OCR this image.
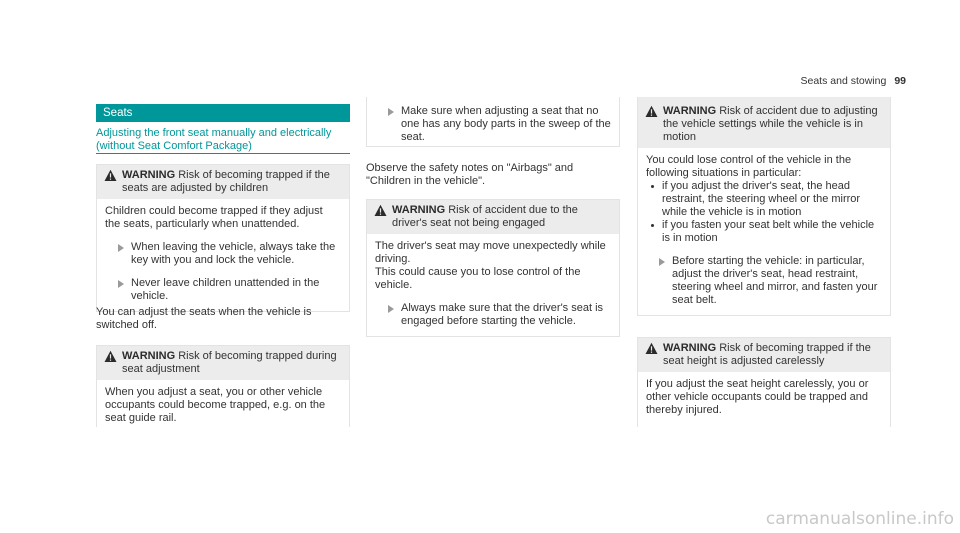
Seats and stowing 99
Seats
Adjusting the front seat manually and electrically (without Seat Comfort Package)
WARNING Risk of becoming trapped if the seats are adjusted by children
Children could become trapped if they adjust the seats, particularly when unattended.
When leaving the vehicle, always take the key with you and lock the vehicle.
Never leave children unattended in the vehicle.
You can adjust the seats when the vehicle is switched off.
WARNING Risk of becoming trapped during seat adjustment
When you adjust a seat, you or other vehicle occupants could become trapped, e.g. on the seat guide rail.
Make sure when adjusting a seat that no one has any body parts in the sweep of the seat.
Observe the safety notes on "Airbags" and "Children in the vehicle".
WARNING Risk of accident due to the driver's seat not being engaged
The driver's seat may move unexpectedly while driving.
This could cause you to lose control of the vehicle.
Always make sure that the driver's seat is engaged before starting the vehicle.
WARNING Risk of accident due to adjusting the vehicle settings while the vehicle is in motion
You could lose control of the vehicle in the following situations in particular:
if you adjust the driver's seat, the head restraint, the steering wheel or the mirror while the vehicle is in motion
if you fasten your seat belt while the vehicle is in motion
Before starting the vehicle: in particular, adjust the driver's seat, head restraint, steering wheel and mirror, and fasten your seat belt.
WARNING Risk of becoming trapped if the seat height is adjusted carelessly
If you adjust the seat height carelessly, you or other vehicle occupants could be trapped and thereby injured.
carmanualsonline.info
